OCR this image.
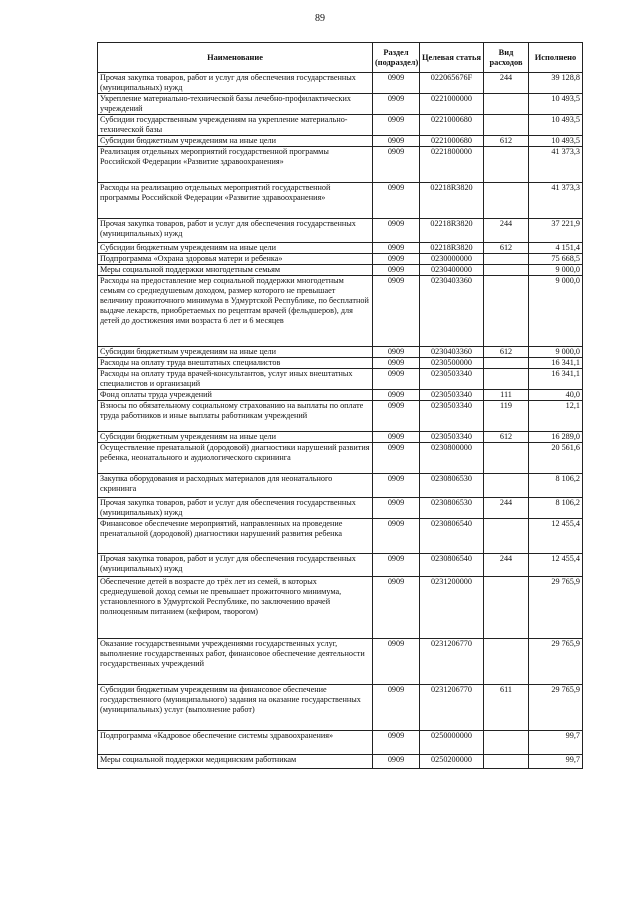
89
Наименование	Раздел (подраздел)	Целевая статья	Вид расходов	Исполнено
Прочая закупка товаров, работ и услуг для обеспечения государственных (муниципальных) нужд	0909	022065676F	244	39 128,8
Укрепление материально-технической базы лечебно-профилактических учреждений	0909	0221000000		10 493,5
Субсидии государственным учреждениям на укрепление материально-технической базы	0909	0221000680		10 493,5
Субсидии бюджетным учреждениям на иные цели	0909	0221000680	612	10 493,5
Реализация отдельных мероприятий государственной программы Российской Федерации «Развитие здравоохранения»	0909	0221800000		41 373,3
Расходы на реализацию отдельных мероприятий государственной программы Российской Федерации «Развитие здравоохранения»	0909	02218R3820		41 373,3
Прочая закупка товаров, работ и услуг для обеспечения государственных (муниципальных) нужд	0909	02218R3820	244	37 221,9
Субсидии бюджетным учреждениям на иные цели	0909	02218R3820	612	4 151,4
Подпрограмма «Охрана здоровья матери и ребенка»	0909	0230000000		75 668,5
Меры социальной поддержки многодетным семьям	0909	0230400000		9 000,0
Расходы на предоставление мер социальной поддержки многодетным семьям со среднедушевым доходом, размер которого не превышает величину прожиточного минимума в Удмуртской Республике, по бесплатной выдаче лекарств, приобретаемых по рецептам врачей (фельдшеров), для детей до достижения ими возраста 6 лет и 6 месяцев	0909	0230403360		9 000,0
Субсидии бюджетным учреждениям на иные цели	0909	0230403360	612	9 000,0
Расходы на оплату труда внештатных специалистов	0909	0230500000		16 341,1
Расходы на оплату труда врачей-консультантов, услуг иных внештатных специалистов и организаций	0909	0230503340		16 341,1
Фонд оплаты труда учреждений	0909	0230503340	111	40,0
Взносы по обязательному социальному страхованию на выплаты по оплате труда работников и иные выплаты работникам учреждений	0909	0230503340	119	12,1
Субсидии бюджетным учреждениям на иные цели	0909	0230503340	612	16 289,0
Осуществление пренатальной (дородовой) диагностики нарушений развития ребенка, неонатального и аудиологического скрининга	0909	0230800000		20 561,6
Закупка оборудования и расходных материалов для неонатального скрининга	0909	0230806530		8 106,2
Прочая закупка товаров, работ и услуг для обеспечения государственных (муниципальных) нужд	0909	0230806530	244	8 106,2
Финансовое обеспечение мероприятий, направленных на проведение пренатальной (дородовой) диагностики нарушений развития ребенка	0909	0230806540		12 455,4
Прочая закупка товаров, работ и услуг для обеспечения государственных (муниципальных) нужд	0909	0230806540	244	12 455,4
Обеспечение детей в возрасте до трёх лет из семей, в которых среднедушевой доход семьи не превышает прожиточного минимума, установленного в Удмуртской Республике, по заключению врачей полноценным питанием (кефиром, творогом)	0909	0231200000		29 765,9
Оказание государственными учреждениями государственных услуг, выполнение государственных работ, финансовое обеспечение деятельности государственных учреждений	0909	0231206770		29 765,9
Субсидии бюджетным учреждениям на финансовое обеспечение государственного (муниципального) задания на оказание государственных (муниципальных) услуг (выполнение работ)	0909	0231206770	611	29 765,9
Подпрограмма «Кадровое обеспечение системы здравоохранения»	0909	0250000000		99,7
Меры социальной поддержки медицинским работникам	0909	0250200000		99,7
